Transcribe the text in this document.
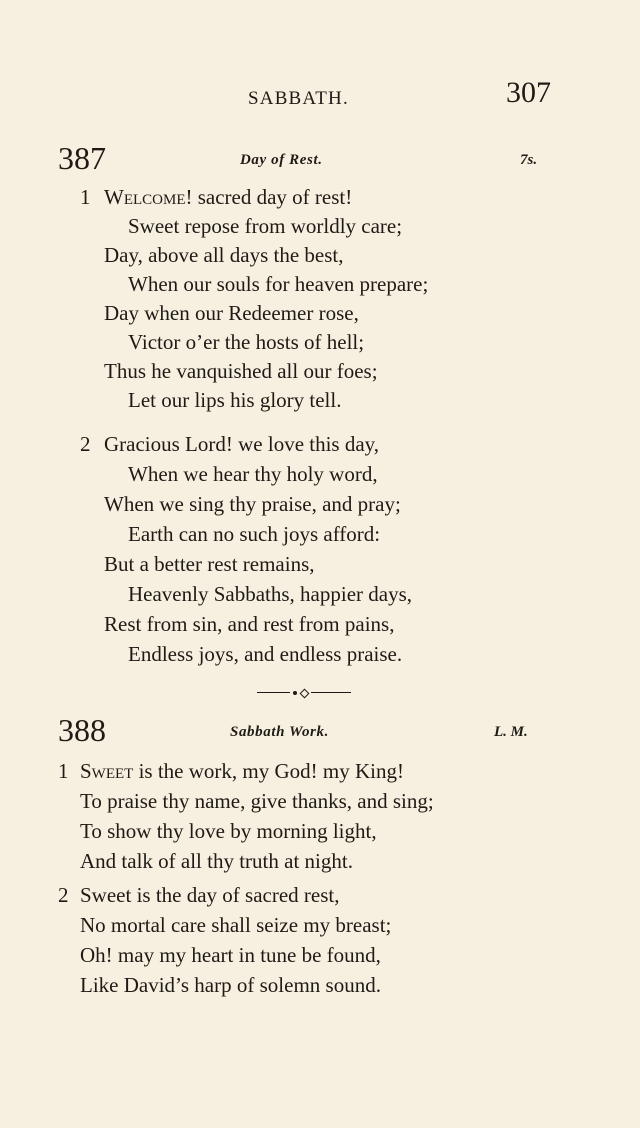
SABBATH.	307
387	Day of Rest.	7s.
1 Welcome! sacred day of rest!
Sweet repose from worldly care;
Day, above all days the best,
When our souls for heaven prepare;
Day when our Redeemer rose,
Victor o’er the hosts of hell;
Thus he vanquished all our foes;
Let our lips his glory tell.
2 Gracious Lord! we love this day,
When we hear thy holy word,
When we sing thy praise, and pray;
Earth can no such joys afford:
But a better rest remains,
Heavenly Sabbaths, happier days,
Rest from sin, and rest from pains,
Endless joys, and endless praise.
388	Sabbath Work.	L. M.
1 Sweet is the work, my God! my King!
To praise thy name, give thanks, and sing;
To show thy love by morning light,
And talk of all thy truth at night.
2 Sweet is the day of sacred rest,
No mortal care shall seize my breast;
Oh! may my heart in tune be found,
Like David’s harp of solemn sound.
